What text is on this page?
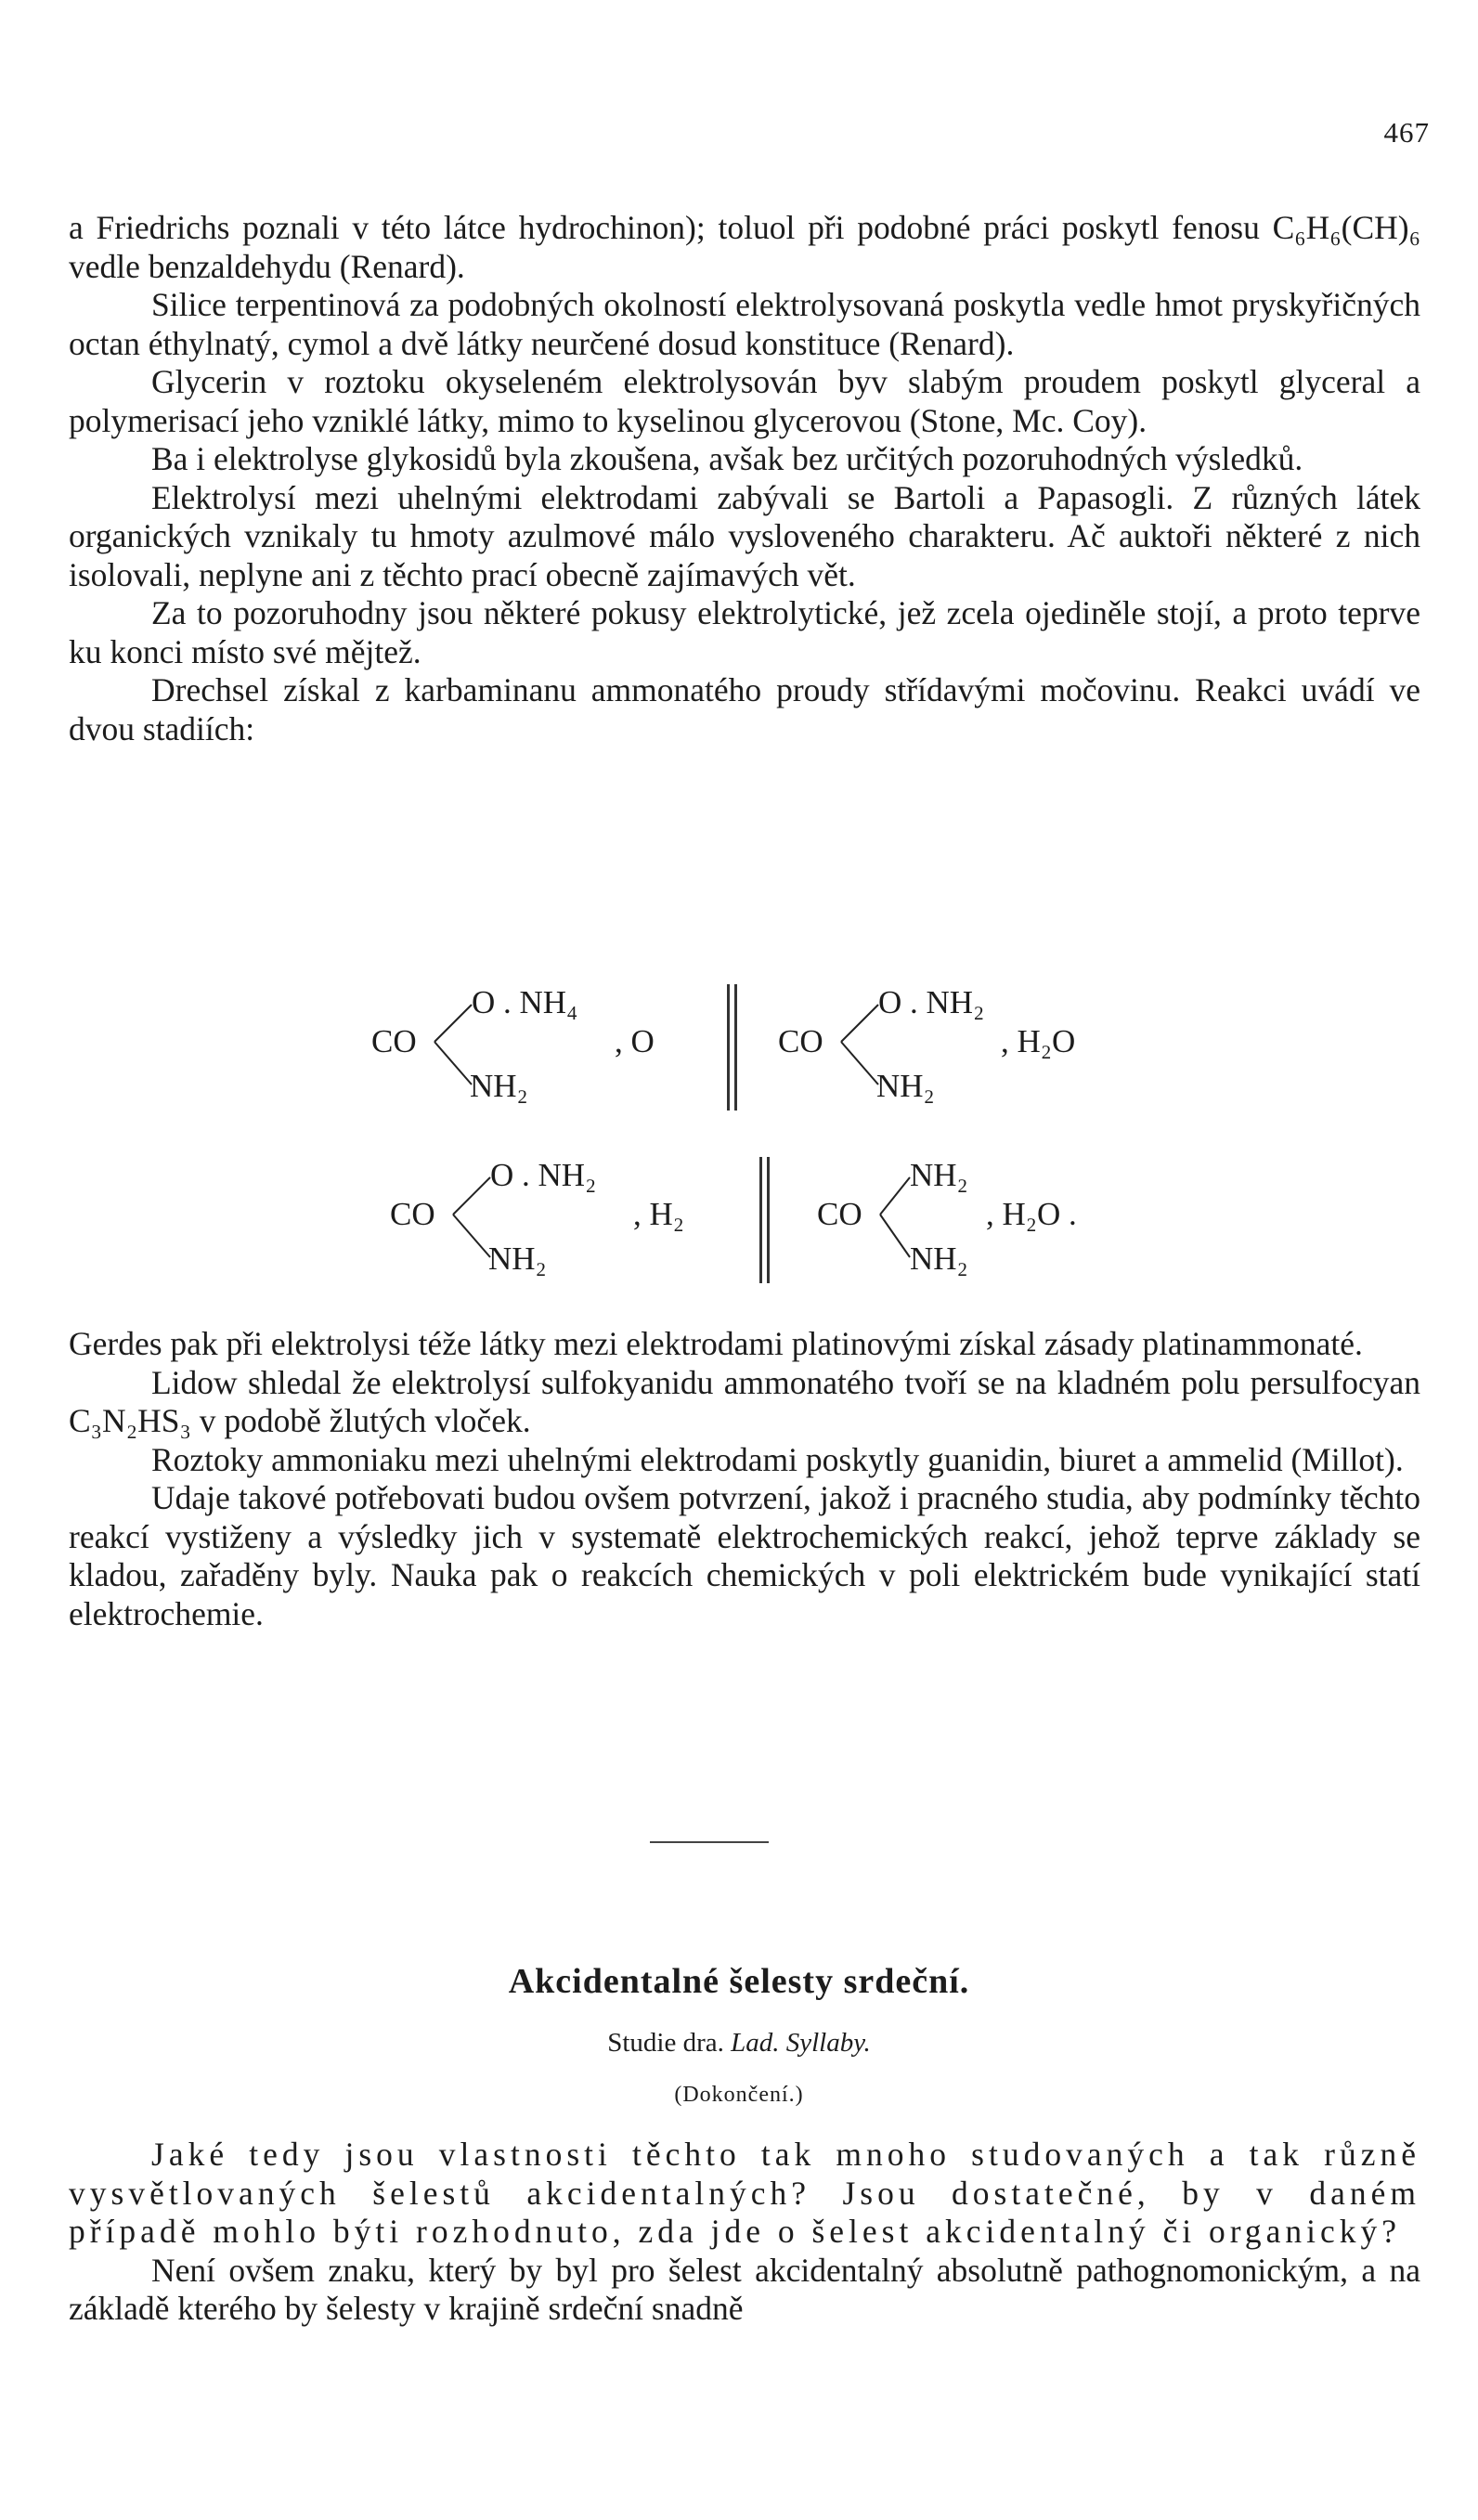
467

a Friedrichs poznali v této látce hydrochinon); toluol při podobné práci poskytl fenosu C₆H₆(CH)₆ vedle benzaldehydu (Renard).

Silice terpentinová za podobných okolností elektrolysovaná poskytla vedle hmot pryskyřičných octan éthylnatý, cymol a dvě látky neurčené dosud konstituce (Renard).

Glycerin v roztoku okyseleném elektrolysován byv slabým proudem poskytl glyceral a polymerisací jeho vzniklé látky, mimo to kyselinou glycerovou (Stone, Mc. Coy).

Ba i elektrolyse glykosidů byla zkoušena, avšak bez určitých pozoruhodných výsledků.

Elektrolysí mezi uhelnými elektrodami zabývali se Bartoli a Papasogli. Z různých látek organických vznikaly tu hmoty azulmové málo vysloveného charakteru. Ač auktoři některé z nich isolovali, neplyne ani z těchto prací obecně zajímavých vět.

Za to pozoruhodny jsou některé pokusy elektrolytické, jež zcela ojediněle stojí, a proto teprve ku konci místo své mějtež.

Drechsel získal z karbaminanu ammonatého proudy střídavými močovinu. Reakci uvádí ve dvou stadiích:

CO
O . NH₄
NH₂
, O	CO
O . NH₂
NH₂
, H₂O
CO
O . NH₂
NH₂
, H₂	CO
NH₂
NH₂
, H₂O .

Gerdes pak při elektrolysi téže látky mezi elektrodami platinovými získal zásady platinammonaté.

Lidow shledal že elektrolysí sulfokyanidu ammonatého tvoří se na kladném polu persulfocyan C₃N₂HS₃ v podobě žlutých vloček.

Roztoky ammoniaku mezi uhelnými elektrodami poskytly guanidin, biuret a ammelid (Millot).

Udaje takové potřebovati budou ovšem potvrzení, jakož i pracného studia, aby podmínky těchto reakcí vystiženy a výsledky jich v systematě elektrochemických reakcí, jehož teprve základy se kladou, zařaděny byly. Nauka pak o reakcích chemických v poli elektrickém bude vynikající statí elektrochemie.

Akcidentalné šelesty srdeční.
Studie dra. Lad. Syllaby.
(Dokončení.)

Jaké tedy jsou vlastnosti těchto tak mnoho studovaných a tak různě vysvětlovaných šelestů akcidentalných? Jsou dostatečné, by v daném případě mohlo býti rozhodnuto, zda jde o šelest akcidentalný či organický?

Není ovšem znaku, který by byl pro šelest akcidentalný absolutně pathognomonickým, a na základě kterého by šelesty v krajině srdeční snadně
